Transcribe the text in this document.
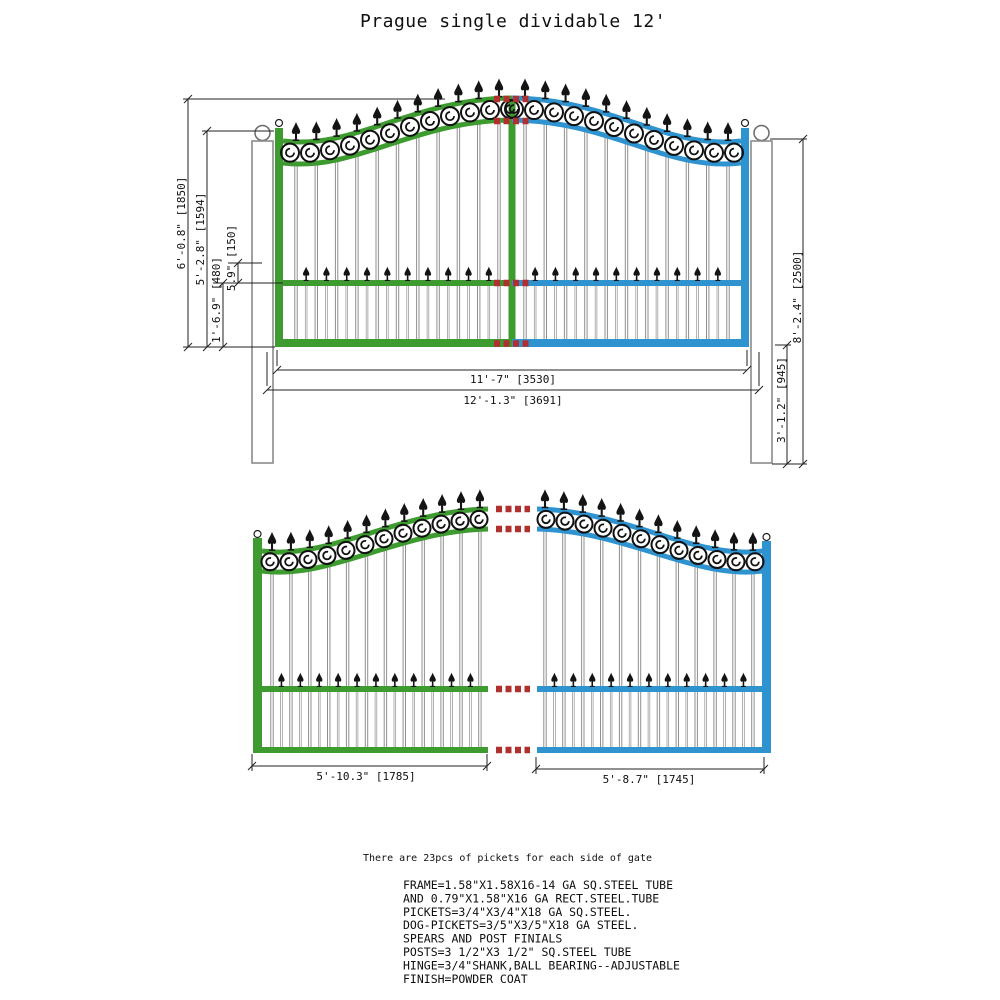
Prague single dividable 12'
6'-0.8" [1850] 5'-2.8" [1594]
1'-6.9" [480] 5.9" [150]
3'-1.2" [945]
8'-2.4" [2500]
11'-7" [3530]
12'-1.3" [3691]
5'-10.3" [1785]	5'-8.7" [1745]
There are 23pcs of pickets for each side of gate
FRAME=1.58"X1.58X16-14 GA SQ.STEEL TUBE
AND 0.79"X1.58"X16 GA RECT.STEEL.TUBE
PICKETS=3/4"X3/4"X18 GA SQ.STEEL.
DOG-PICKETS=3/5"X3/5"X18 GA STEEL.
SPEARS AND POST FINIALS
POSTS=3 1/2"X3 1/2" SQ.STEEL TUBE
HINGE=3/4"SHANK,BALL BEARING--ADJUSTABLE
FINISH=POWDER COAT
